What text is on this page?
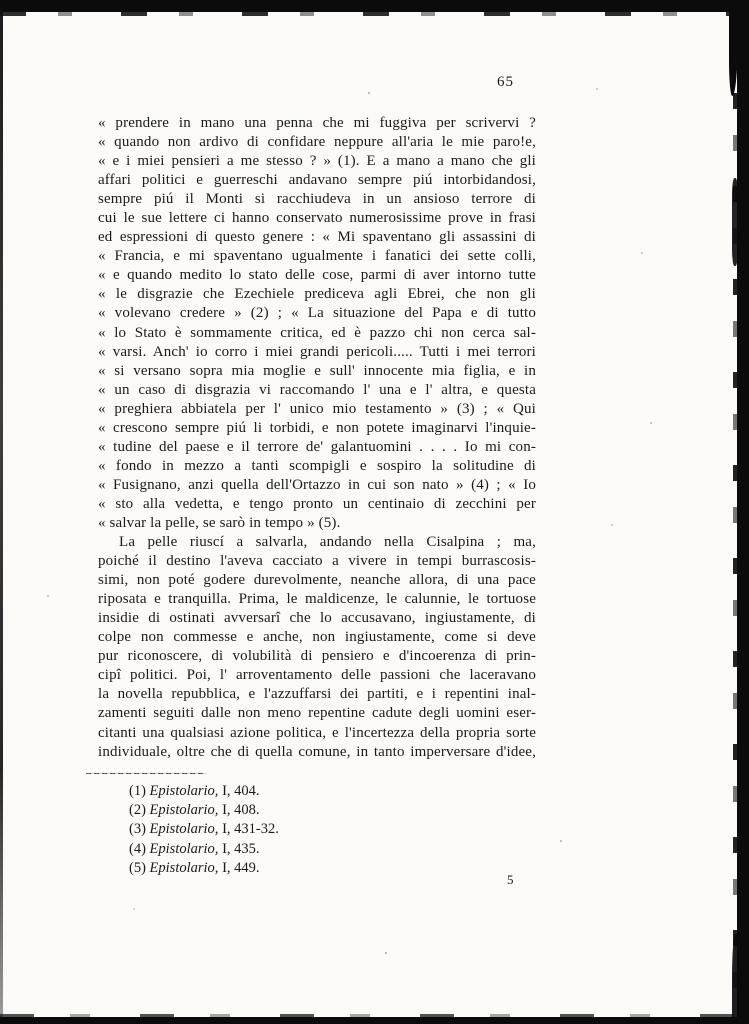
65
« prendere in mano una penna che mi fuggiva per scrivervi ?
« quando non ardivo di confidare neppure all'aria le mie paro!e,
« e i miei pensieri a me stesso ? » (1). E a mano a mano che gli
affari politici e guerreschi andavano sempre piú intorbidandosi,
sempre piú il Monti si racchiudeva in un ansioso terrore di
cui le sue lettere ci hanno conservato numerosissime prove in frasi
ed espressioni di questo genere : « Mi spaventano gli assassini di
« Francia, e mi spaventano ugualmente i fanatici dei sette colli,
« e quando medito lo stato delle cose, parmi di aver intorno tutte
« le disgrazie che Ezechiele prediceva agli Ebrei, che non gli
« volevano credere » (2) ; « La situazione del Papa e di tutto
« lo Stato è sommamente critica, ed è pazzo chi non cerca sal-
« varsi. Anch' io corro i miei grandi pericoli..... Tutti i mei terrori
« si versano sopra mia moglie e sull' innocente mia figlia, e in
« un caso di disgrazia vi raccomando l' una e l' altra, e questa
« preghiera abbiatela per l' unico mio testamento » (3) ; « Qui
« crescono sempre piú li torbidi, e non potete imaginarvi l'inquie-
« tudine del paese e il terrore de' galantuomini . . . . Io mi con-
« fondo in mezzo a tanti scompigli e sospiro la solitudine di
« Fusignano, anzi quella dell'Ortazzo in cui son nato » (4) ; « Io
« sto alla vedetta, e tengo pronto un centinaio di zecchini per
« salvar la pelle, se sarò in tempo » (5).
La pelle riuscí a salvarla, andando nella Cisalpina ; ma,
poiché il destino l'aveva cacciato a vivere in tempi burrascosis-
simi, non poté godere durevolmente, neanche allora, di una pace
riposata e tranquilla. Prima, le maldicenze, le calunnie, le tortuose
insidie di ostinati avversarî che lo accusavano, ingiustamente, di
colpe non commesse e anche, non ingiustamente, come si deve
pur riconoscere, di volubilità di pensiero e d'incoerenza di prin-
cipî politici. Poi, l' arroventamento delle passioni che laceravano
la novella repubblica, e l'azzuffarsi dei partiti, e i repentini inal-
zamenti seguiti dalle non meno repentine cadute degli uomini eser-
citanti una qualsiasi azione politica, e l'incertezza della propria sorte
individuale, oltre che di quella comune, in tanto imperversare d'idee,
(1) Epistolario, I, 404.
(2) Epistolario, I, 408.
(3) Epistolario, I, 431-32.
(4) Epistolario, I, 435.
(5) Epistolario, I, 449.
5
